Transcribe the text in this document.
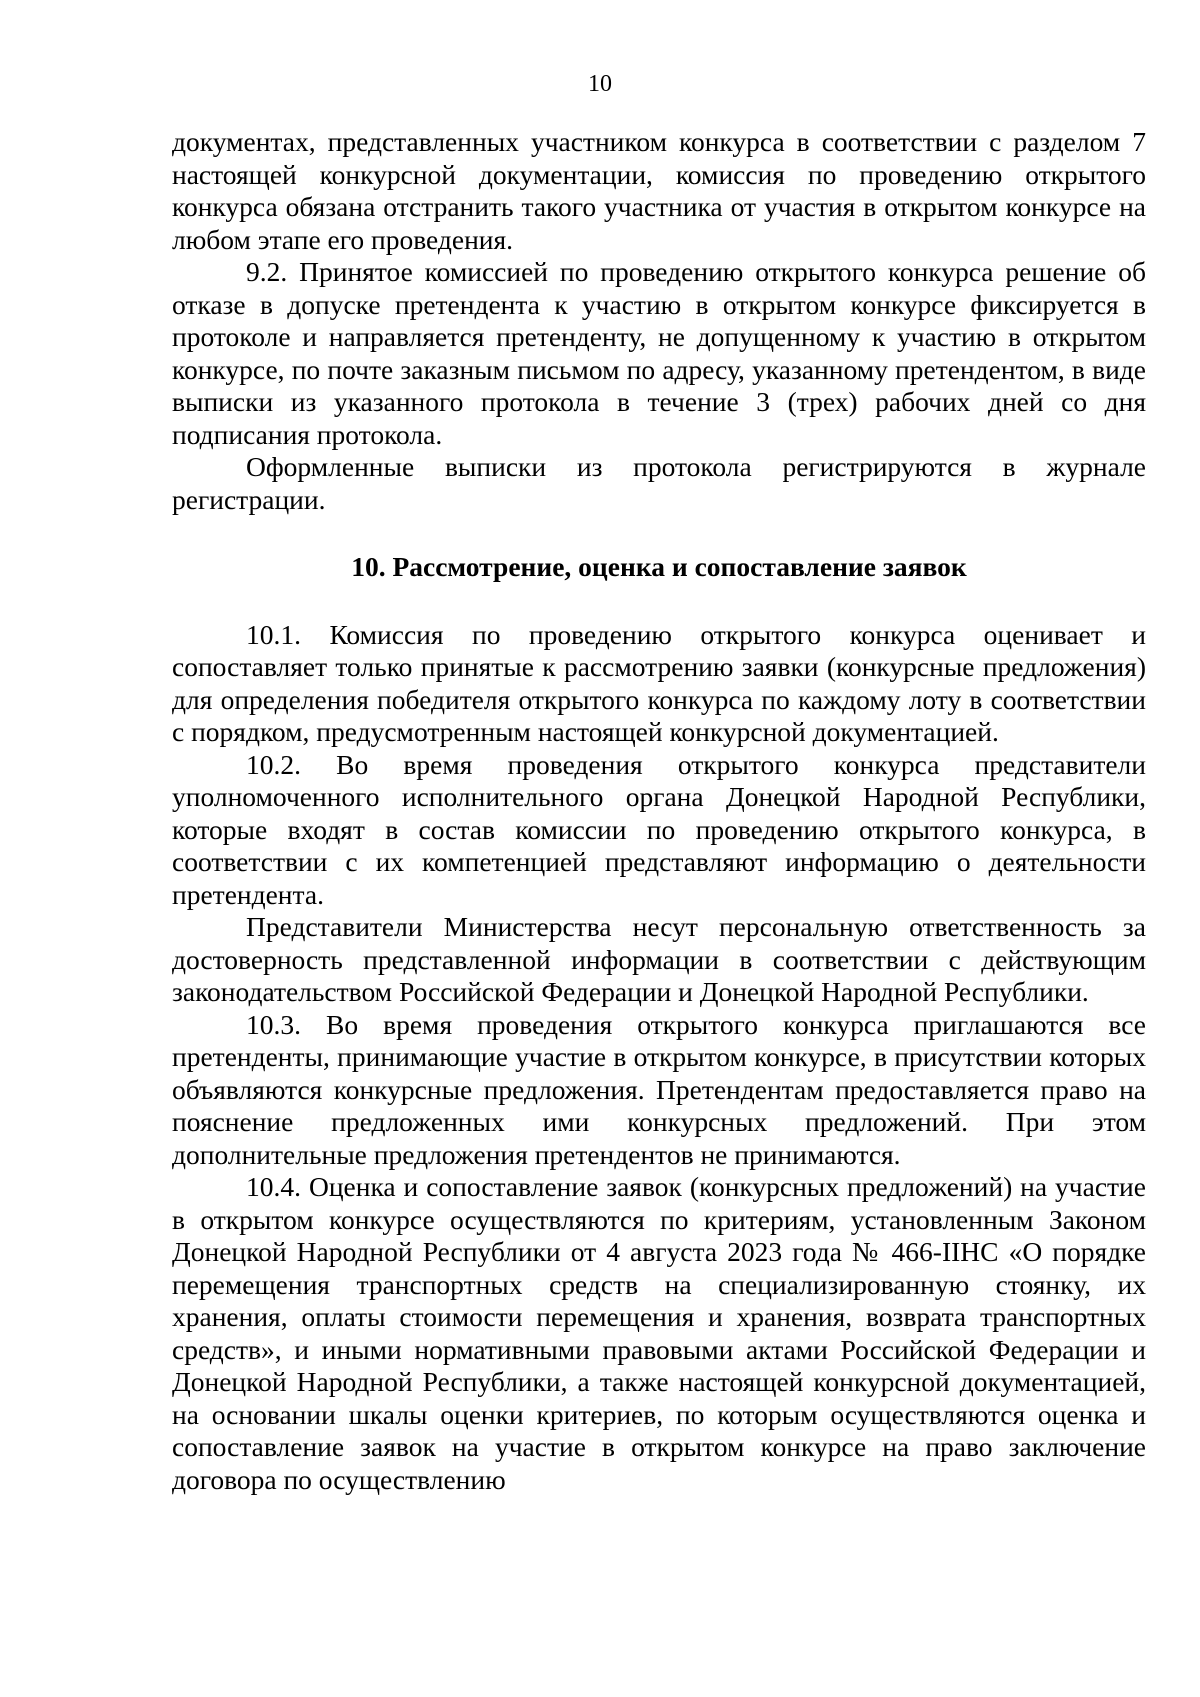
10

документах, представленных участником конкурса в соответствии с разделом 7 настоящей конкурсной документации, комиссия по проведению открытого конкурса обязана отстранить такого участника от участия в открытом конкурсе на любом этапе его проведения.

9.2. Принятое комиссией по проведению открытого конкурса решение об отказе в допуске претендента к участию в открытом конкурсе фиксируется в протоколе и направляется претенденту, не допущенному к участию в открытом конкурсе, по почте заказным письмом по адресу, указанному претендентом, в виде выписки из указанного протокола в течение 3 (трех) рабочих дней со дня подписания протокола.

Оформленные выписки из протокола регистрируются в журнале регистрации.

10. Рассмотрение, оценка и сопоставление заявок

10.1. Комиссия по проведению открытого конкурса оценивает и сопоставляет только принятые к рассмотрению заявки (конкурсные предложения) для определения победителя открытого конкурса по каждому лоту в соответствии с порядком, предусмотренным настоящей конкурсной документацией.

10.2. Во время проведения открытого конкурса представители уполномоченного исполнительного органа Донецкой Народной Республики, которые входят в состав комиссии по проведению открытого конкурса, в соответствии с их компетенцией представляют информацию о деятельности претендента.

Представители Министерства несут персональную ответственность за достоверность представленной информации в соответствии с действующим законодательством Российской Федерации и Донецкой Народной Республики.

10.3. Во время проведения открытого конкурса приглашаются все претенденты, принимающие участие в открытом конкурсе, в присутствии которых объявляются конкурсные предложения. Претендентам предоставляется право на пояснение предложенных ими конкурсных предложений. При этом дополнительные предложения претендентов не принимаются.

10.4. Оценка и сопоставление заявок (конкурсных предложений) на участие в открытом конкурсе осуществляются по критериям, установленным Законом Донецкой Народной Республики от 4 августа 2023 года № 466-IIНС «О порядке перемещения транспортных средств на специализированную стоянку, их хранения, оплаты стоимости перемещения и хранения, возврата транспортных средств», и иными нормативными правовыми актами Российской Федерации и Донецкой Народной Республики, а также настоящей конкурсной документацией, на основании шкалы оценки критериев, по которым осуществляются оценка и сопоставление заявок на участие в открытом конкурсе на право заключение договора по осуществлению
